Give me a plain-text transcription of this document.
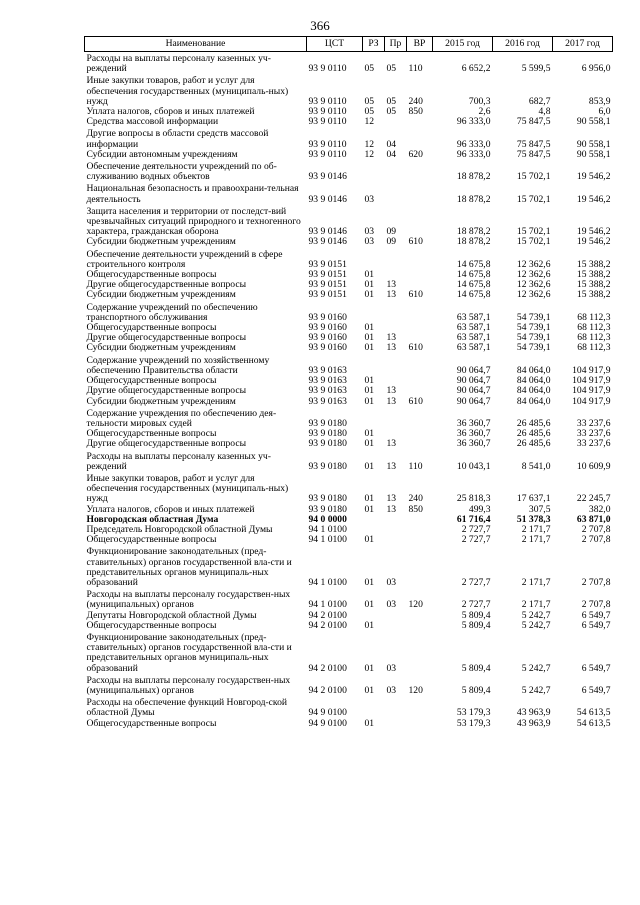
366
Наименование	ЦСТ	РЗ	Пр	ВР	2015 год	2016 год	2017 год
Расходы на выплаты персоналу казенных уч-реждений	93 9 0110	05	05	110	6 652,2	5 599,5	6 956,0
Иные закупки товаров, работ и услуг для обеспечения государственных (муниципаль-ных) нужд	93 9 0110	05	05	240	700,3	682,7	853,9
Уплата налогов, сборов и иных платежей	93 9 0110	05	05	850	2,6	4,8	6,0
Средства массовой информации	93 9 0110	12			96 333,0	75 847,5	90 558,1
Другие вопросы в области средств массовой информации	93 9 0110	12	04		96 333,0	75 847,5	90 558,1
Субсидии автономным учреждениям	93 9 0110	12	04	620	96 333,0	75 847,5	90 558,1
Обеспечение деятельности учреждений по об-служиванию водных объектов	93 9 0146				18 878,2	15 702,1	19 546,2
Национальная безопасность и правоохрани-тельная деятельность	93 9 0146	03			18 878,2	15 702,1	19 546,2
Защита населения и территории от последст-вий чрезвычайных ситуаций природного и техногенного характера, гражданская оборона	93 9 0146	03	09		18 878,2	15 702,1	19 546,2
Субсидии бюджетным учреждениям	93 9 0146	03	09	610	18 878,2	15 702,1	19 546,2
Обеспечение деятельности учреждений в сфере строительного контроля	93 9 0151				14 675,8	12 362,6	15 388,2
Общегосударственные вопросы	93 9 0151	01			14 675,8	12 362,6	15 388,2
Другие общегосударственные вопросы	93 9 0151	01	13		14 675,8	12 362,6	15 388,2
Субсидии бюджетным учреждениям	93 9 0151	01	13	610	14 675,8	12 362,6	15 388,2
Содержание учреждений по обеспечению транспортного обслуживания	93 9 0160				63 587,1	54 739,1	68 112,3
Общегосударственные вопросы	93 9 0160	01			63 587,1	54 739,1	68 112,3
Другие общегосударственные вопросы	93 9 0160	01	13		63 587,1	54 739,1	68 112,3
Субсидии бюджетным учреждениям	93 9 0160	01	13	610	63 587,1	54 739,1	68 112,3
Содержание учреждений по хозяйственному обеспечению Правительства области	93 9 0163				90 064,7	84 064,0	104 917,9
Общегосударственные вопросы	93 9 0163	01			90 064,7	84 064,0	104 917,9
Другие общегосударственные вопросы	93 9 0163	01	13		90 064,7	84 064,0	104 917,9
Субсидии бюджетным учреждениям	93 9 0163	01	13	610	90 064,7	84 064,0	104 917,9
Содержание учреждения по обеспечению дея-тельности мировых судей	93 9 0180				36 360,7	26 485,6	33 237,6
Общегосударственные вопросы	93 9 0180	01			36 360,7	26 485,6	33 237,6
Другие общегосударственные вопросы	93 9 0180	01	13		36 360,7	26 485,6	33 237,6
Расходы на выплаты персоналу казенных уч-реждений	93 9 0180	01	13	110	10 043,1	8 541,0	10 609,9
Иные закупки товаров, работ и услуг для обеспечения государственных (муниципаль-ных) нужд	93 9 0180	01	13	240	25 818,3	17 637,1	22 245,7
Уплата налогов, сборов и иных платежей	93 9 0180	01	13	850	499,3	307,5	382,0
Новгородская областная Дума	94 0 0000				61 716,4	51 378,3	63 871,0
Председатель Новгородской областной Думы	94 1 0100				2 727,7	2 171,7	2 707,8
Общегосударственные вопросы	94 1 0100	01			2 727,7	2 171,7	2 707,8
Функционирование законодательных (пред-ставительных) органов государственной вла-сти и представительных органов муниципаль-ных образований	94 1 0100	01	03		2 727,7	2 171,7	2 707,8
Расходы на выплаты персоналу государствен-ных (муниципальных) органов	94 1 0100	01	03	120	2 727,7	2 171,7	2 707,8
Депутаты Новгородской областной Думы	94 2 0100				5 809,4	5 242,7	6 549,7
Общегосударственные вопросы	94 2 0100	01			5 809,4	5 242,7	6 549,7
Функционирование законодательных (пред-ставительных) органов государственной вла-сти и представительных органов муниципаль-ных образований	94 2 0100	01	03		5 809,4	5 242,7	6 549,7
Расходы на выплаты персоналу государствен-ных (муниципальных) органов	94 2 0100	01	03	120	5 809,4	5 242,7	6 549,7
Расходы на обеспечение функций Новгород-ской областной Думы	94 9 0100				53 179,3	43 963,9	54 613,5
Общегосударственные вопросы	94 9 0100	01			53 179,3	43 963,9	54 613,5
